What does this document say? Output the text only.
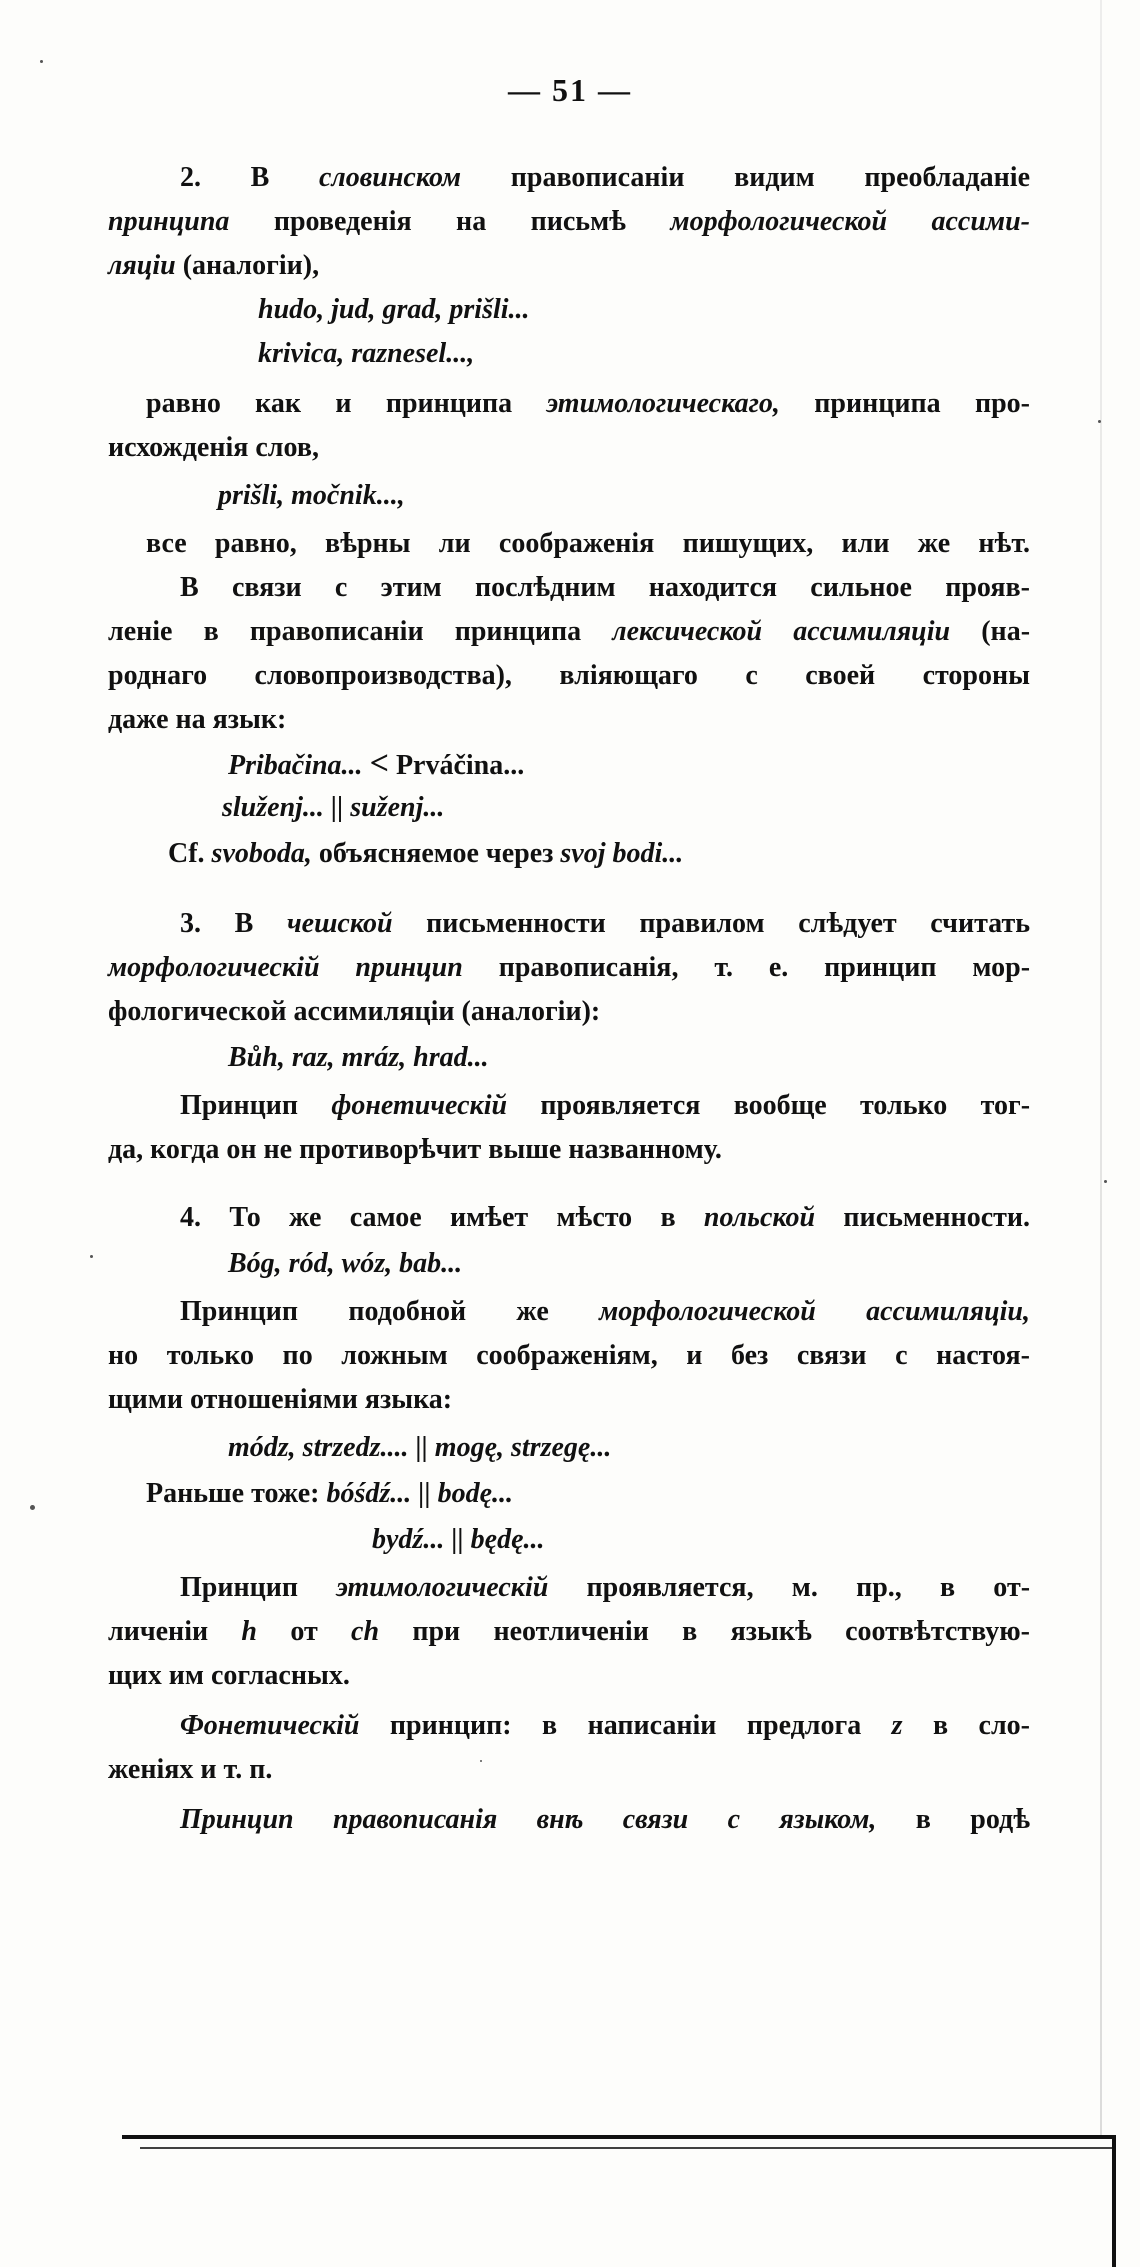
— 51 —
2. В словинском правописаніи видим преобладаніе
принципа проведенія на письмѣ морфологической ассими-
ляціи (аналогіи),
hudo, jud, grad, prišli...
krivica, raznesel...,
равно как и принципа этимологическаго, принципа про-
исхожденія слов,
prišli, močnik...,
все равно, вѣрны ли соображенія пишущих, или же нѣт.
В связи с этим послѣдним находится сильное прояв-
леніе в правописаніи принципа лексической ассимиляціи (на-
роднаго словопроизводства), вліяющаго с своей стороны
даже на язык:
Pribačina... < Prváčina...
služenj... || suženj...
Cf. svoboda, объясняемое через svoj bodi...
3. В чешской письменности правилом слѣдует считать
морфологическій принцип правописанія, т. е. принцип мор-
фологической ассимиляціи (аналогіи):
Bůh, raz, mráz, hrad...
Принцип фонетическій проявляется вообще только тог-
да, когда он не противорѣчит выше названному.
4. То же самое имѣет мѣсто в польской письменности.
Bóg, ród, wóz, bab...
Принцип подобной же морфологической ассимиляціи,
но только по ложным соображеніям, и без связи с настоя-
щими отношеніями языка:
módz, strzedz.... || mogę, strzegę...
Раньше тоже: bóśdź... || bodę...
bydź... || będę...
Принцип этимологическій проявляется, м. пр., в от-
личеніи h от ch при неотличеніи в языкѣ соотвѣтствую-
щих им согласных.
Фонетическій принцип: в написаніи предлога z в сло-
женіях и т. п.
Принцип правописанія внѣ связи с языком, в родѣ
